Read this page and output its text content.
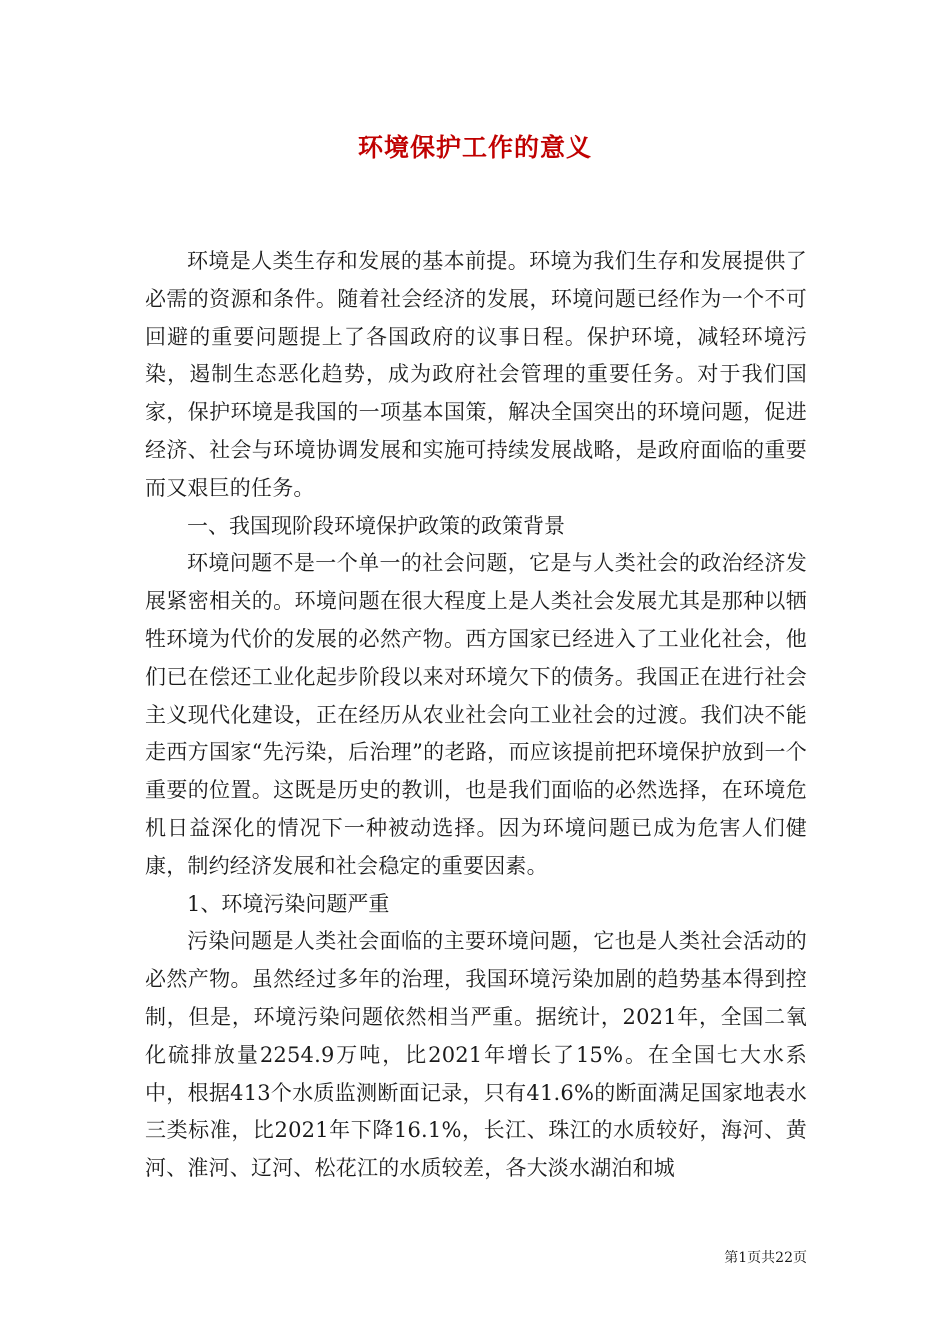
环境保护工作的意义

环境是人类生存和发展的基本前提。环境为我们生存和发展提供了必需的资源和条件。随着社会经济的发展，环境问题已经作为一个不可回避的重要问题提上了各国政府的议事日程。保护环境，减轻环境污染，遏制生态恶化趋势，成为政府社会管理的重要任务。对于我们国家，保护环境是我国的一项基本国策，解决全国突出的环境问题，促进经济、社会与环境协调发展和实施可持续发展战略，是政府面临的重要而又艰巨的任务。

一、我国现阶段环境保护政策的政策背景

环境问题不是一个单一的社会问题，它是与人类社会的政治经济发展紧密相关的。环境问题在很大程度上是人类社会发展尤其是那种以牺牲环境为代价的发展的必然产物。西方国家已经进入了工业化社会，他们已在偿还工业化起步阶段以来对环境欠下的债务。我国正在进行社会主义现代化建设，正在经历从农业社会向工业社会的过渡。我们决不能走西方国家“先污染，后治理”的老路，而应该提前把环境保护放到一个重要的位置。这既是历史的教训，也是我们面临的必然选择，在环境危机日益深化的情况下一种被动选择。因为环境问题已成为危害人们健康，制约经济发展和社会稳定的重要因素。

1、环境污染问题严重

污染问题是人类社会面临的主要环境问题，它也是人类社会活动的必然产物。虽然经过多年的治理，我国环境污染加剧的趋势基本得到控制，但是，环境污染问题依然相当严重。据统计，2021年，全国二氧化硫排放量2254.9万吨，比2021年增长了15%。在全国七大水系中，根据413个水质监测断面记录，只有41.6%的断面满足国家地表水三类标准，比2021年下降16.1%，长江、珠江的水质较好，海河、黄河、淮河、辽河、松花江的水质较差，各大淡水湖泊和城

第1页共22页
